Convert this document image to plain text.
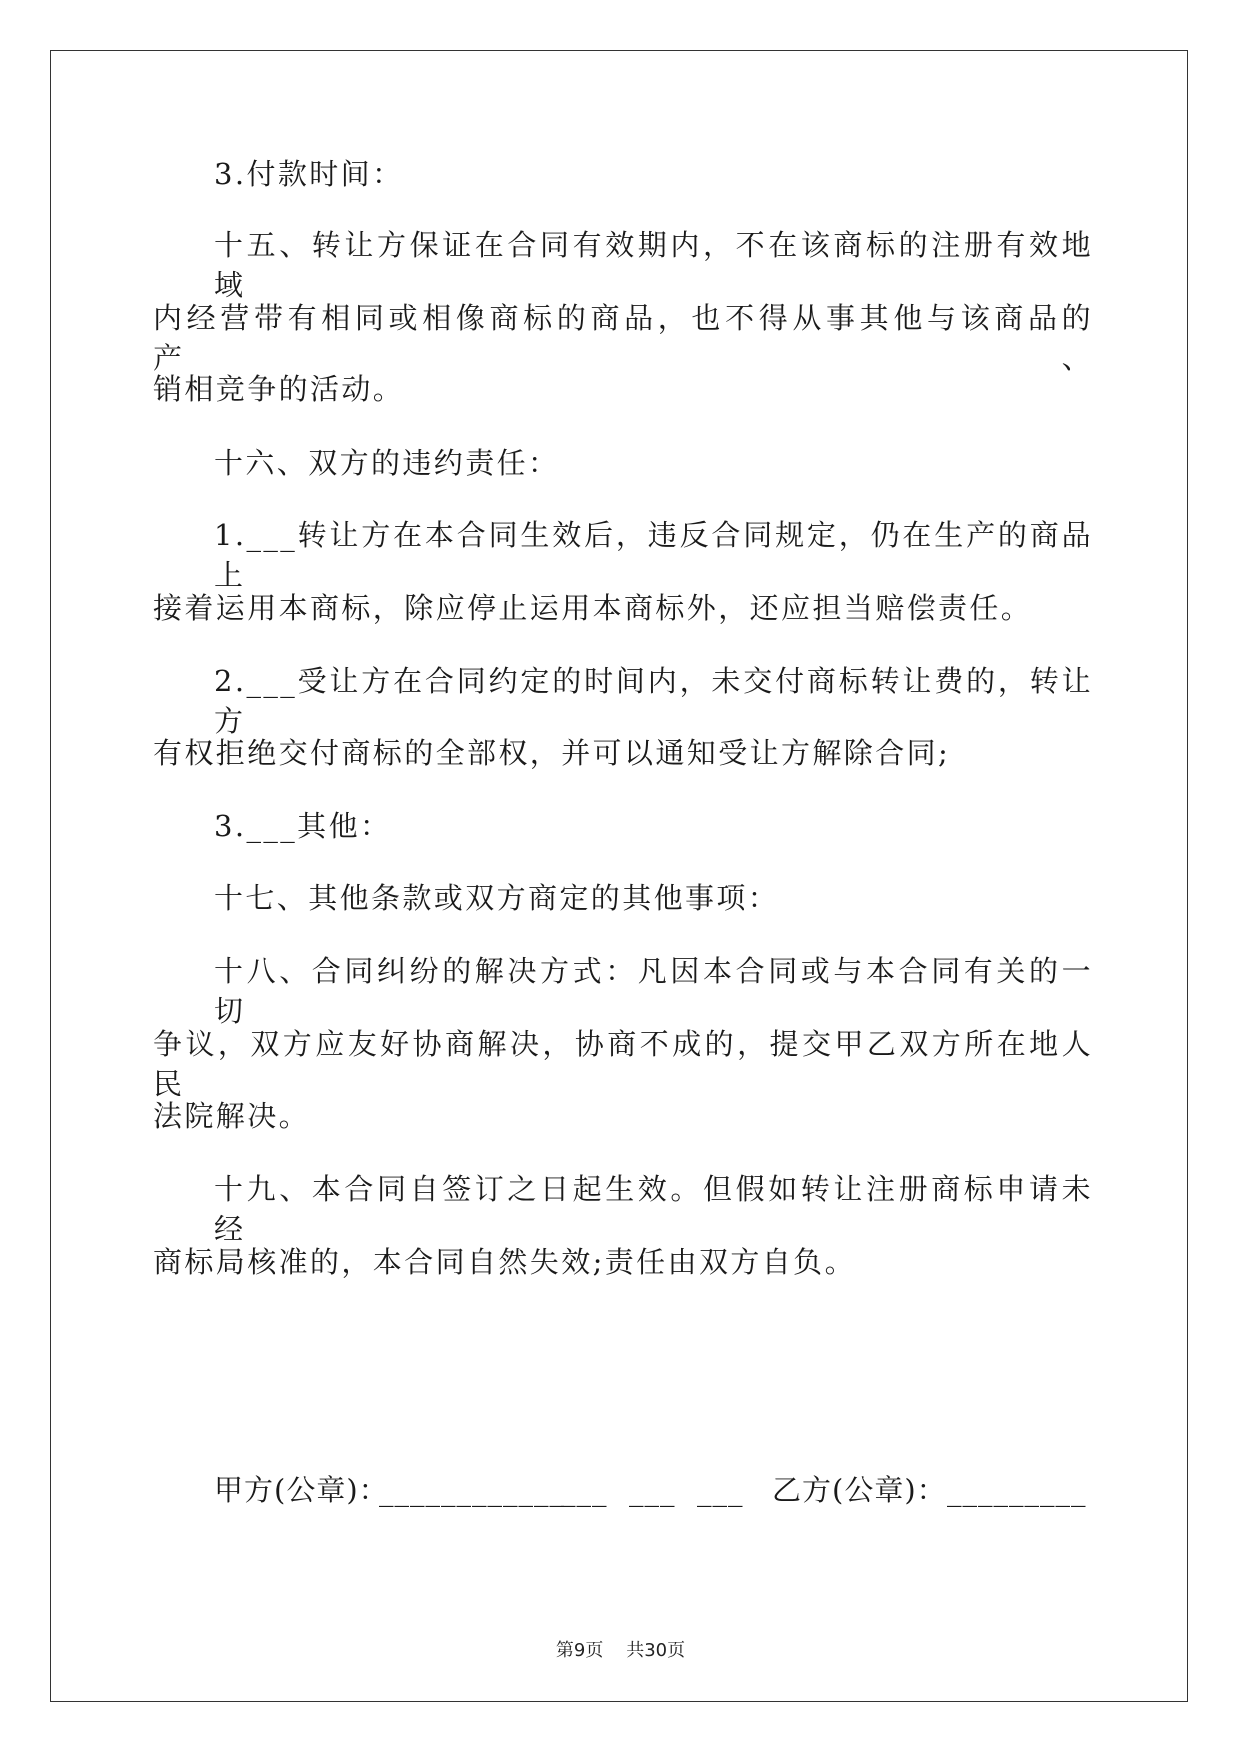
3.付款时间：
十五、转让方保证在合同有效期内，不在该商标的注册有效地域
内经营带有相同或相像商标的商品，也不得从事其他与该商品的产、
销相竞争的活动。
十六、双方的违约责任：
1.___转让方在本合同生效后，违反合同规定，仍在生产的商品上
接着运用本商标，除应停止运用本商标外，还应担当赔偿责任。
2.___受让方在合同约定的时间内，未交付商标转让费的，转让方
有权拒绝交付商标的全部权，并可以通知受让方解除合同;
3.___其他：
十七、其他条款或双方商定的其他事项：
十八、合同纠纷的解决方式：凡因本合同或与本合同有关的一切
争议，双方应友好协商解决，协商不成的，提交甲乙双方所在地人民
法院解决。
十九、本合同自签订之日起生效。但假如转让注册商标申请未经
商标局核准的，本合同自然失效;责任由双方自负。
甲方(公章)：
____________
___ ___ ___ 乙方(公章)： _________
第9页    共30页
